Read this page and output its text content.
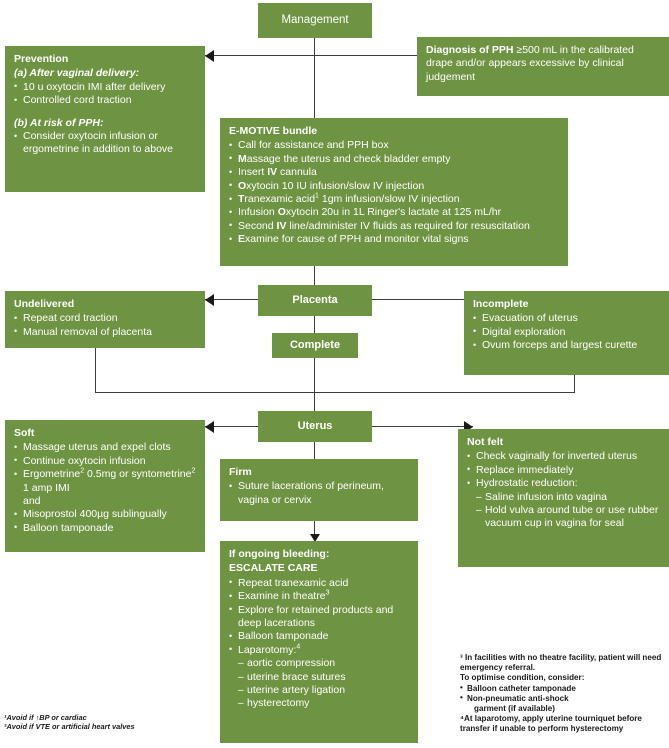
Management
Diagnosis of PPH ≥500 mL in the calibrated drape and/or appears excessive by clinical judgement
Prevention
(a) After vaginal delivery:
• 10 u oxytocin IMI after delivery
• Controlled cord traction
(b) At risk of PPH:
• Consider oxytocin infusion or ergometrine in addition to above
E-MOTIVE bundle
• Call for assistance and PPH box
• Massage the uterus and check bladder empty
• Insert IV cannula
• Oxytocin 10 IU infusion/slow IV injection
• Tranexamic acid$^1$ 1gm infusion/slow IV injection
• Infusion Oxytocin 20u in 1L Ringer's lactate at 125 mL/hr
• Second IV line/administer IV fluids as required for resuscitation
• Examine for cause of PPH and monitor vital signs
Placenta
Complete
Undelivered
• Repeat cord traction
• Manual removal of placenta
Incomplete
• Evacuation of uterus
• Digital exploration
• Ovum forceps and largest curette
Uterus
Soft
• Massage uterus and expel clots
• Continue oxytocin infusion
• Ergometrine$^2$ 0.5mg or syntometrine$^2$ 1 amp IMI
and
• Misoprostol 400µg sublingually
• Balloon tamponade
Firm
• Suture lacerations of perineum, vagina or cervix
Not felt
• Check vaginally for inverted uterus
• Replace immediately
• Hydrostatic reduction:
– Saline infusion into vagina
– Hold vulva around tube or use rubber vacuum cup in vagina for seal
If ongoing bleeding:
ESCALATE CARE
• Repeat tranexamic acid
• Examine in theatre$^3$
• Explore for retained products and deep lacerations
• Balloon tamponade
• Laparotomy:$^4$
– aortic compression
– uterine brace sutures
– uterine artery ligation
– hysterectomy
¹Avoid if ↑BP or cardiac
²Avoid if VTE or artificial heart valves
³ In facilities with no theatre facility, patient will need emergency referral.
To optimise condition, consider:
• Balloon catheter tamponade
• Non-pneumatic anti-shock
garment (if available)
⁴At laparotomy, apply uterine tourniquet before transfer if unable to perform hysterectomy
